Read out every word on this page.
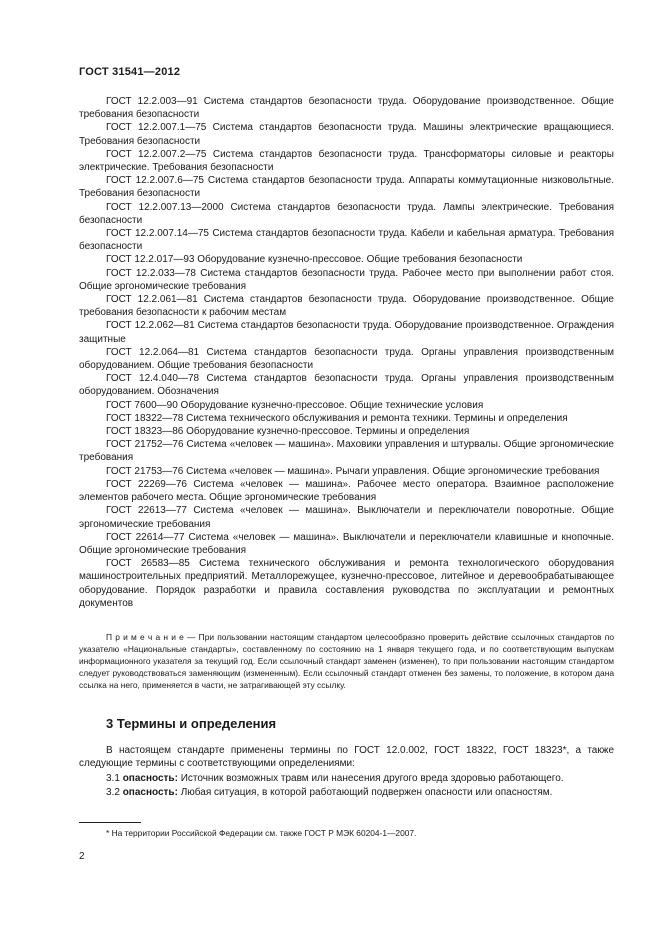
ГОСТ 31541—2012

ГОСТ 12.2.003—91 Система стандартов безопасности труда. Оборудование производственное. Общие требования безопасности

ГОСТ 12.2.007.1—75 Система стандартов безопасности труда. Машины электрические вращающиеся. Требования безопасности

ГОСТ 12.2.007.2—75 Система стандартов безопасности труда. Трансформаторы силовые и реакторы электрические. Требования безопасности

ГОСТ 12.2.007.6—75 Система стандартов безопасности труда. Аппараты коммутационные низковольтные. Требования безопасности

ГОСТ 12.2.007.13—2000 Система стандартов безопасности труда. Лампы электрические. Требования безопасности

ГОСТ 12.2.007.14—75 Система стандартов безопасности труда. Кабели и кабельная арматура. Требования безопасности

ГОСТ 12.2.017—93 Оборудование кузнечно-прессовое. Общие требования безопасности

ГОСТ 12.2.033—78 Система стандартов безопасности труда. Рабочее место при выполнении работ стоя. Общие эргономические требования

ГОСТ 12.2.061—81 Система стандартов безопасности труда. Оборудование производственное. Общие требования безопасности к рабочим местам

ГОСТ 12.2.062—81 Система стандартов безопасности труда. Оборудование производственное. Ограждения защитные

ГОСТ 12.2.064—81 Система стандартов безопасности труда. Органы управления производственным оборудованием. Общие требования безопасности

ГОСТ 12.4.040—78 Система стандартов безопасности труда. Органы управления производственным оборудованием. Обозначения

ГОСТ 7600—90 Оборудование кузнечно-прессовое. Общие технические условия

ГОСТ 18322—78 Система технического обслуживания и ремонта техники. Термины и определения

ГОСТ 18323—86 Оборудование кузнечно-прессовое. Термины и определения

ГОСТ 21752—76 Система «человек — машина». Маховики управления и штурвалы. Общие эргономические требования

ГОСТ 21753—76 Система «человек — машина». Рычаги управления. Общие эргономические требования

ГОСТ 22269—76 Система «человек — машина». Рабочее место оператора. Взаимное расположение элементов рабочего места. Общие эргономические требования

ГОСТ 22613—77 Система «человек — машина». Выключатели и переключатели поворотные. Общие эргономические требования

ГОСТ 22614—77 Система «человек — машина». Выключатели и переключатели клавишные и кнопочные. Общие эргономические требования

ГОСТ 26583—85 Система технического обслуживания и ремонта технологического оборудования машиностроительных предприятий. Металлорежущее, кузнечно-прессовое, литейное и деревообрабатывающее оборудование. Порядок разработки и правила составления руководства по эксплуатации и ремонтных документов

П р и м е ч а н и е — При пользовании настоящим стандартом целесообразно проверить действие ссылочных стандартов по указателю «Национальные стандарты», составленному по состоянию на 1 января текущего года, и по соответствующим выпускам информационного указателя за текущий год. Если ссылочный стандарт заменен (изменен), то при пользовании настоящим стандартом следует руководствоваться заменяющим (измененным). Если ссылочный стандарт отменен без замены, то положение, в котором дана ссылка на него, применяется в части, не затрагивающей эту ссылку.
3 Термины и определения

В настоящем стандарте применены термины по ГОСТ 12.0.002, ГОСТ 18322, ГОСТ 18323*, а также следующие термины с соответствующими определениями:

3.1 опасность: Источник возможных травм или нанесения другого вреда здоровью работающего.

3.2 опасность: Любая ситуация, в которой работающий подвержен опасности или опасностям.

* На территории Российской Федерации см. также ГОСТ Р МЭК 60204-1—2007.
2
